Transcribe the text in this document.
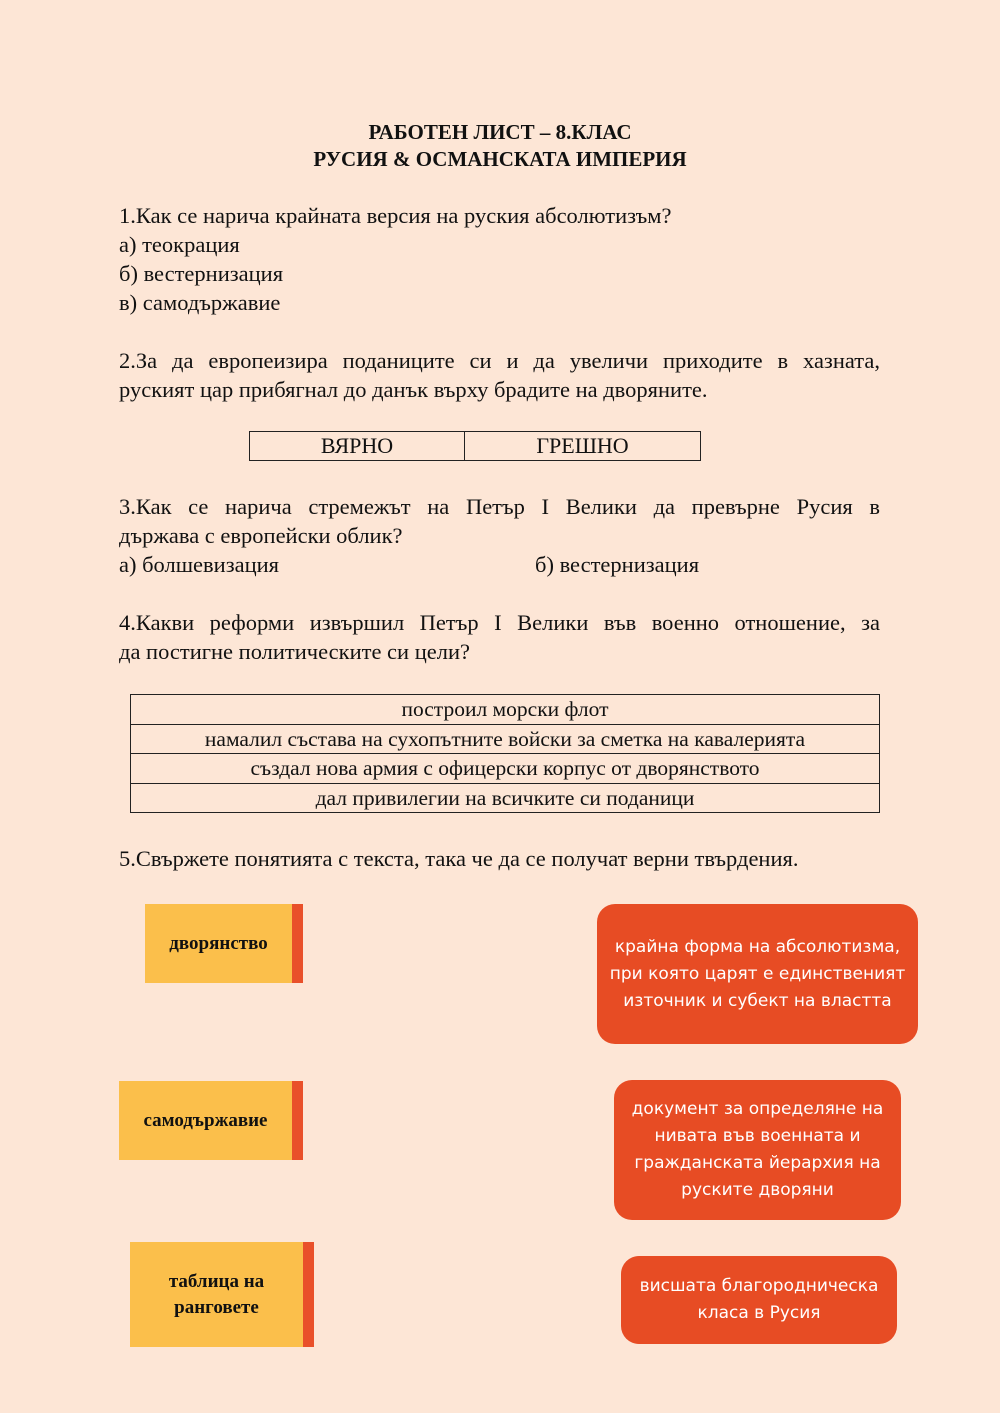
РАБОТЕН ЛИСТ – 8.КЛАС
РУСИЯ & ОСМАНСКАТА ИМПЕРИЯ
1.Как се нарича крайната версия на руския абсолютизъм?
а) теокрация
б) вестернизация
в) самодържавие
2.За да европеизира поданиците си и да увеличи приходите в хазната,
руският цар прибягнал до данък върху брадите на дворяните.
ВЯРНО	ГРЕШНО
3.Как се нарича стремежът на Петър I Велики да превърне Русия в
държава с европейски облик?
а) болшевизация	б) вестернизация
4.Какви реформи извършил Петър I Велики във военно отношение, за
да постигне политическите си цели?
построил морски флот
намалил състава на сухопътните войски за сметка на кавалерията
създал нова армия с офицерски корпус от дворянството
дал привилегии на всичките си поданици
5.Свържете понятията с текста, така че да се получат верни твърдения.
дворянство
самодържавие
таблица на
ранговете
крайна форма на абсолютизма,
при която царят е единственият
източник и субект на властта
документ за определяне на
нивата във военната и
гражданската йерархия на
руските дворяни
висшата благородническа
класа в Русия
